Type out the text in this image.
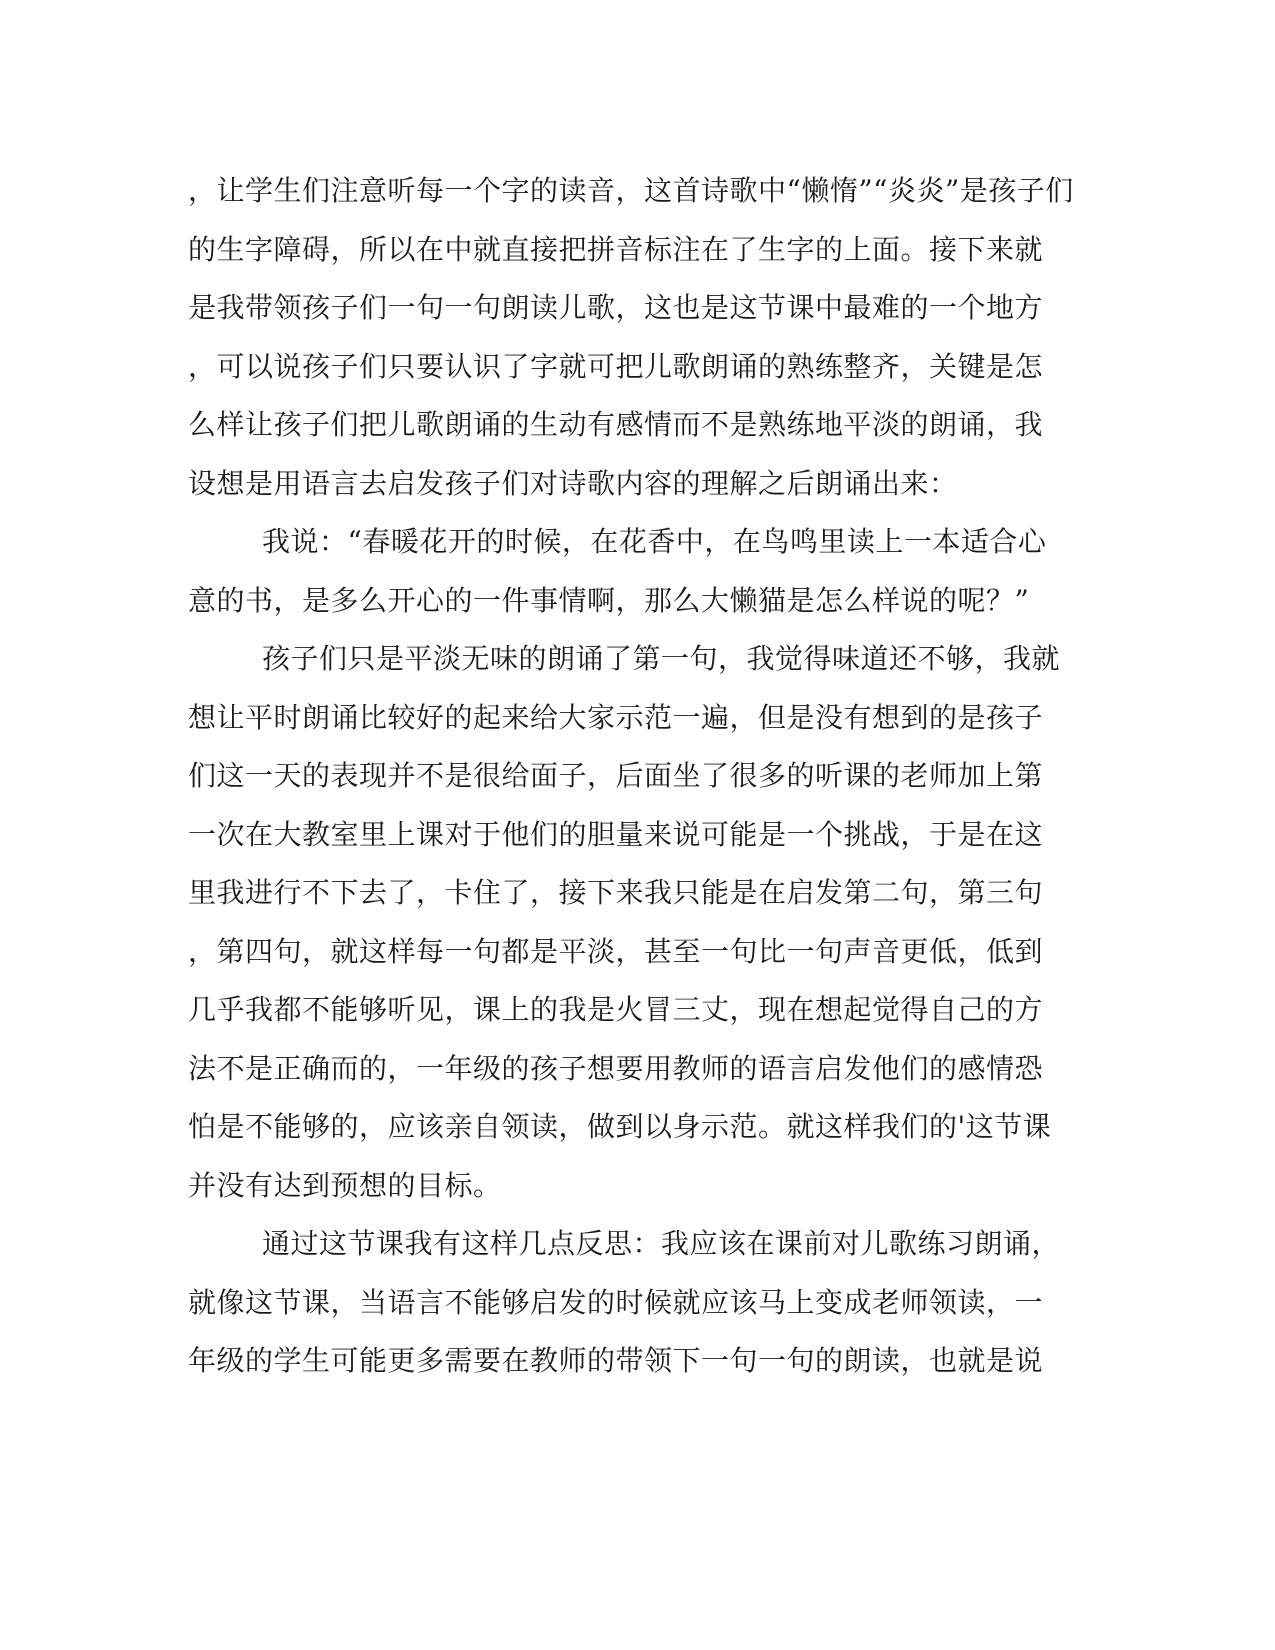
，让学生们注意听每一个字的读音，这首诗歌中“懒惰”“炎炎”是孩子们
的生字障碍，所以在中就直接把拼音标注在了生字的上面。接下来就
是我带领孩子们一句一句朗读儿歌，这也是这节课中最难的一个地方
，可以说孩子们只要认识了字就可把儿歌朗诵的熟练整齐，关键是怎
么样让孩子们把儿歌朗诵的生动有感情而不是熟练地平淡的朗诵，我
设想是用语言去启发孩子们对诗歌内容的理解之后朗诵出来：
我说：“春暖花开的时候，在花香中，在鸟鸣里读上一本适合心
意的书，是多么开心的一件事情啊，那么大懒猫是怎么样说的呢？”
孩子们只是平淡无味的朗诵了第一句，我觉得味道还不够，我就
想让平时朗诵比较好的起来给大家示范一遍，但是没有想到的是孩子
们这一天的表现并不是很给面子，后面坐了很多的听课的老师加上第
一次在大教室里上课对于他们的胆量来说可能是一个挑战，于是在这
里我进行不下去了，卡住了，接下来我只能是在启发第二句，第三句
，第四句，就这样每一句都是平淡，甚至一句比一句声音更低，低到
几乎我都不能够听见，课上的我是火冒三丈，现在想起觉得自己的方
法不是正确而的，一年级的孩子想要用教师的语言启发他们的感情恐
怕是不能够的，应该亲自领读，做到以身示范。就这样我们的'这节课
并没有达到预想的目标。
通过这节课我有这样几点反思：我应该在课前对儿歌练习朗诵，
就像这节课，当语言不能够启发的时候就应该马上变成老师领读，一
年级的学生可能更多需要在教师的带领下一句一句的朗读，也就是说
